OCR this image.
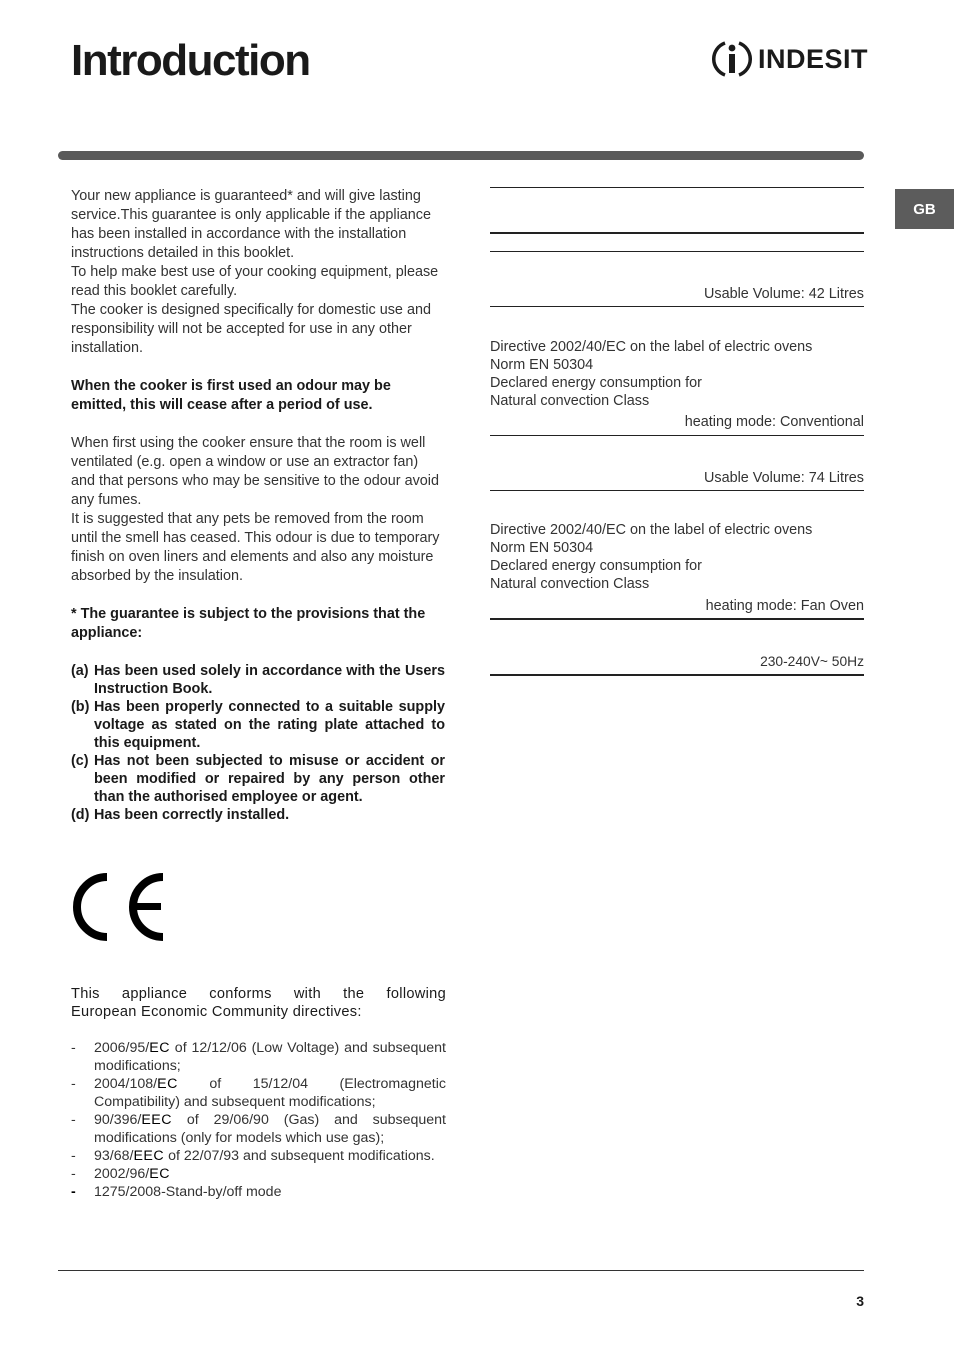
Introduction	INDESIT
GB

Your new appliance is guaranteed* and will give lasting service.This guarantee is only applicable if the appliance has been installed in accordance with the installation instructions detailed in this booklet.

To help make best use of your cooking equipment, please read this booklet carefully.

The cooker is designed specifically for domestic use and responsibility will not be accepted for use in any other installation.

When the cooker is first used an odour may be emitted, this will cease after a period of use.

When first using the cooker ensure that the room is well ventilated (e.g. open a window or use an extractor fan) and that persons who may be sensitive to the odour avoid any fumes.

It is suggested that any pets be removed from the room until the smell has ceased. This odour is due to temporary finish on oven liners and elements and also any moisture absorbed by the insulation.

* The guarantee is subject to the provisions that the appliance:

(a) Has been used solely in accordance with the Users Instruction Book.
(b) Has been properly connected to a suitable supply voltage as stated on the rating plate attached to this equipment.
(c) Has not been subjected to misuse or accident or been modified or repaired by any person other than the authorised employee or agent.
(d) Has been correctly installed.
This appliance conforms with the following
European Economic Community directives:
-	2006/95/EC of 12/12/06 (Low Voltage) and subsequent modifications;
-	2004/108/EC of 15/12/04 (Electromagnetic Compatibility) and subsequent modifications;
-	90/396/EEC of 29/06/90 (Gas) and subsequent modifications (only for models which use gas);
-	93/68/EEC of 22/07/93 and subsequent modifications.
-	2002/96/EC
-	1275/2008-Stand-by/off mode
Usable Volume: 42 Litres
Directive 2002/40/EC on the label of electric ovens
Norm EN 50304
Declared energy consumption for
Natural convection Class
heating mode: Conventional
Usable Volume: 74 Litres
Directive 2002/40/EC on the label of electric ovens
Norm EN 50304
Declared energy consumption for
Natural convection Class
heating mode: Fan Oven
230-240V~ 50Hz
3
